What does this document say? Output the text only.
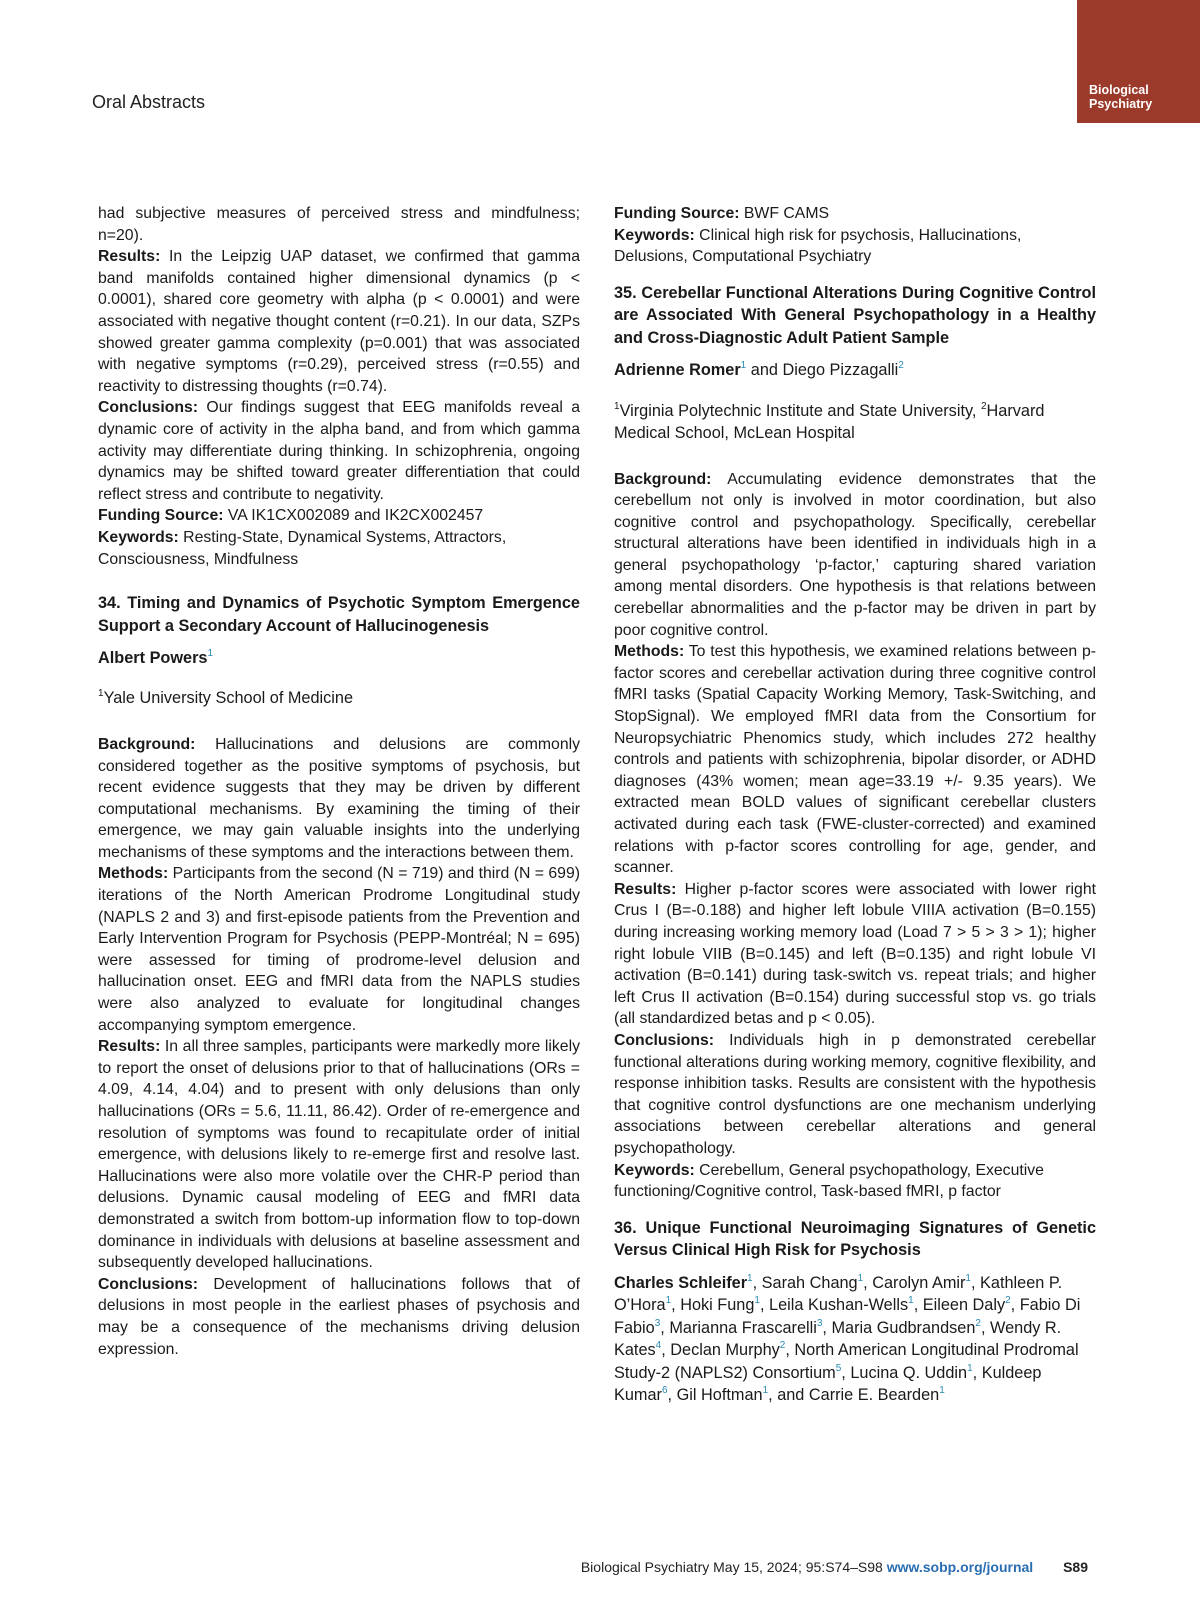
Oral Abstracts
Biological
Psychiatry

had subjective measures of perceived stress and mindfulness; n=20).

Results: In the Leipzig UAP dataset, we confirmed that gamma band manifolds contained higher dimensional dynamics (p < 0.0001), shared core geometry with alpha (p < 0.0001) and were associated with negative thought content (r=0.21). In our data, SZPs showed greater gamma complexity (p=0.001) that was associated with negative symptoms (r=0.29), perceived stress (r=0.55) and reactivity to distressing thoughts (r=0.74).

Conclusions: Our findings suggest that EEG manifolds reveal a dynamic core of activity in the alpha band, and from which gamma activity may differentiate during thinking. In schizophrenia, ongoing dynamics may be shifted toward greater differentiation that could reflect stress and contribute to negativity.

Funding Source: VA IK1CX002089 and IK2CX002457

Keywords: Resting-State, Dynamical Systems, Attractors, Consciousness, Mindfulness

34. Timing and Dynamics of Psychotic Symptom Emergence Support a Secondary Account of Hallucinogenesis

Albert Powers$^1$

$^1$Yale University School of Medicine

Background: Hallucinations and delusions are commonly considered together as the positive symptoms of psychosis, but recent evidence suggests that they may be driven by different computational mechanisms. By examining the timing of their emergence, we may gain valuable insights into the underlying mechanisms of these symptoms and the interactions between them.

Methods: Participants from the second (N = 719) and third (N = 699) iterations of the North American Prodrome Longitudinal study (NAPLS 2 and 3) and first-episode patients from the Prevention and Early Intervention Program for Psychosis (PEPP-Montréal; N = 695) were assessed for timing of prodrome-level delusion and hallucination onset. EEG and fMRI data from the NAPLS studies were also analyzed to evaluate for longitudinal changes accompanying symptom emergence.

Results: In all three samples, participants were markedly more likely to report the onset of delusions prior to that of hallucinations (ORs = 4.09, 4.14, 4.04) and to present with only delusions than only hallucinations (ORs = 5.6, 11.11, 86.42). Order of re-emergence and resolution of symptoms was found to recapitulate order of initial emergence, with delusions likely to re-emerge first and resolve last. Hallucinations were also more volatile over the CHR-P period than delusions. Dynamic causal modeling of EEG and fMRI data demonstrated a switch from bottom-up information flow to top-down dominance in individuals with delusions at baseline assessment and subsequently developed hallucinations.

Conclusions: Development of hallucinations follows that of delusions in most people in the earliest phases of psychosis and may be a consequence of the mechanisms driving delusion expression.

Funding Source: BWF CAMS

Keywords: Clinical high risk for psychosis, Hallucinations, Delusions, Computational Psychiatry

35. Cerebellar Functional Alterations During Cognitive Control are Associated With General Psychopathology in a Healthy and Cross-Diagnostic Adult Patient Sample

Adrienne Romer$^1$ and Diego Pizzagalli$^2$

$^1$Virginia Polytechnic Institute and State University, $^2$Harvard Medical School, McLean Hospital

Background: Accumulating evidence demonstrates that the cerebellum not only is involved in motor coordination, but also cognitive control and psychopathology. Specifically, cerebellar structural alterations have been identified in individuals high in a general psychopathology ‘p-factor,’ capturing shared variation among mental disorders. One hypothesis is that relations between cerebellar abnormalities and the p-factor may be driven in part by poor cognitive control.

Methods: To test this hypothesis, we examined relations between p-factor scores and cerebellar activation during three cognitive control fMRI tasks (Spatial Capacity Working Memory, Task-Switching, and StopSignal). We employed fMRI data from the Consortium for Neuropsychiatric Phenomics study, which includes 272 healthy controls and patients with schizophrenia, bipolar disorder, or ADHD diagnoses (43% women; mean age=33.19 +/- 9.35 years). We extracted mean BOLD values of significant cerebellar clusters activated during each task (FWE-cluster-corrected) and examined relations with p-factor scores controlling for age, gender, and scanner.

Results: Higher p-factor scores were associated with lower right Crus I (B=-0.188) and higher left lobule VIIIA activation (B=0.155) during increasing working memory load (Load 7 > 5 > 3 > 1); higher right lobule VIIB (B=0.145) and left (B=0.135) and right lobule VI activation (B=0.141) during task-switch vs. repeat trials; and higher left Crus II activation (B=0.154) during successful stop vs. go trials (all standardized betas and p < 0.05).

Conclusions: Individuals high in p demonstrated cerebellar functional alterations during working memory, cognitive flexibility, and response inhibition tasks. Results are consistent with the hypothesis that cognitive control dysfunctions are one mechanism underlying associations between cerebellar alterations and general psychopathology.

Keywords: Cerebellum, General psychopathology, Executive functioning/Cognitive control, Task-based fMRI, p factor

36. Unique Functional Neuroimaging Signatures of Genetic Versus Clinical High Risk for Psychosis

Charles Schleifer$^1$, Sarah Chang$^1$, Carolyn Amir$^1$, Kathleen P. O’Hora$^1$, Hoki Fung$^1$, Leila Kushan-Wells$^1$, Eileen Daly$^2$, Fabio Di Fabio$^3$, Marianna Frascarelli$^3$, Maria Gudbrandsen$^2$, Wendy R. Kates$^4$, Declan Murphy$^2$, North American Longitudinal Prodromal Study-2 (NAPLS2) Consortium$^5$, Lucina Q. Uddin$^1$, Kuldeep Kumar$^6$, Gil Hoftman$^1$, and Carrie E. Bearden$^1$

Biological Psychiatry May 15, 2024; 95:S74–S98 www.sobp.org/journal S89
